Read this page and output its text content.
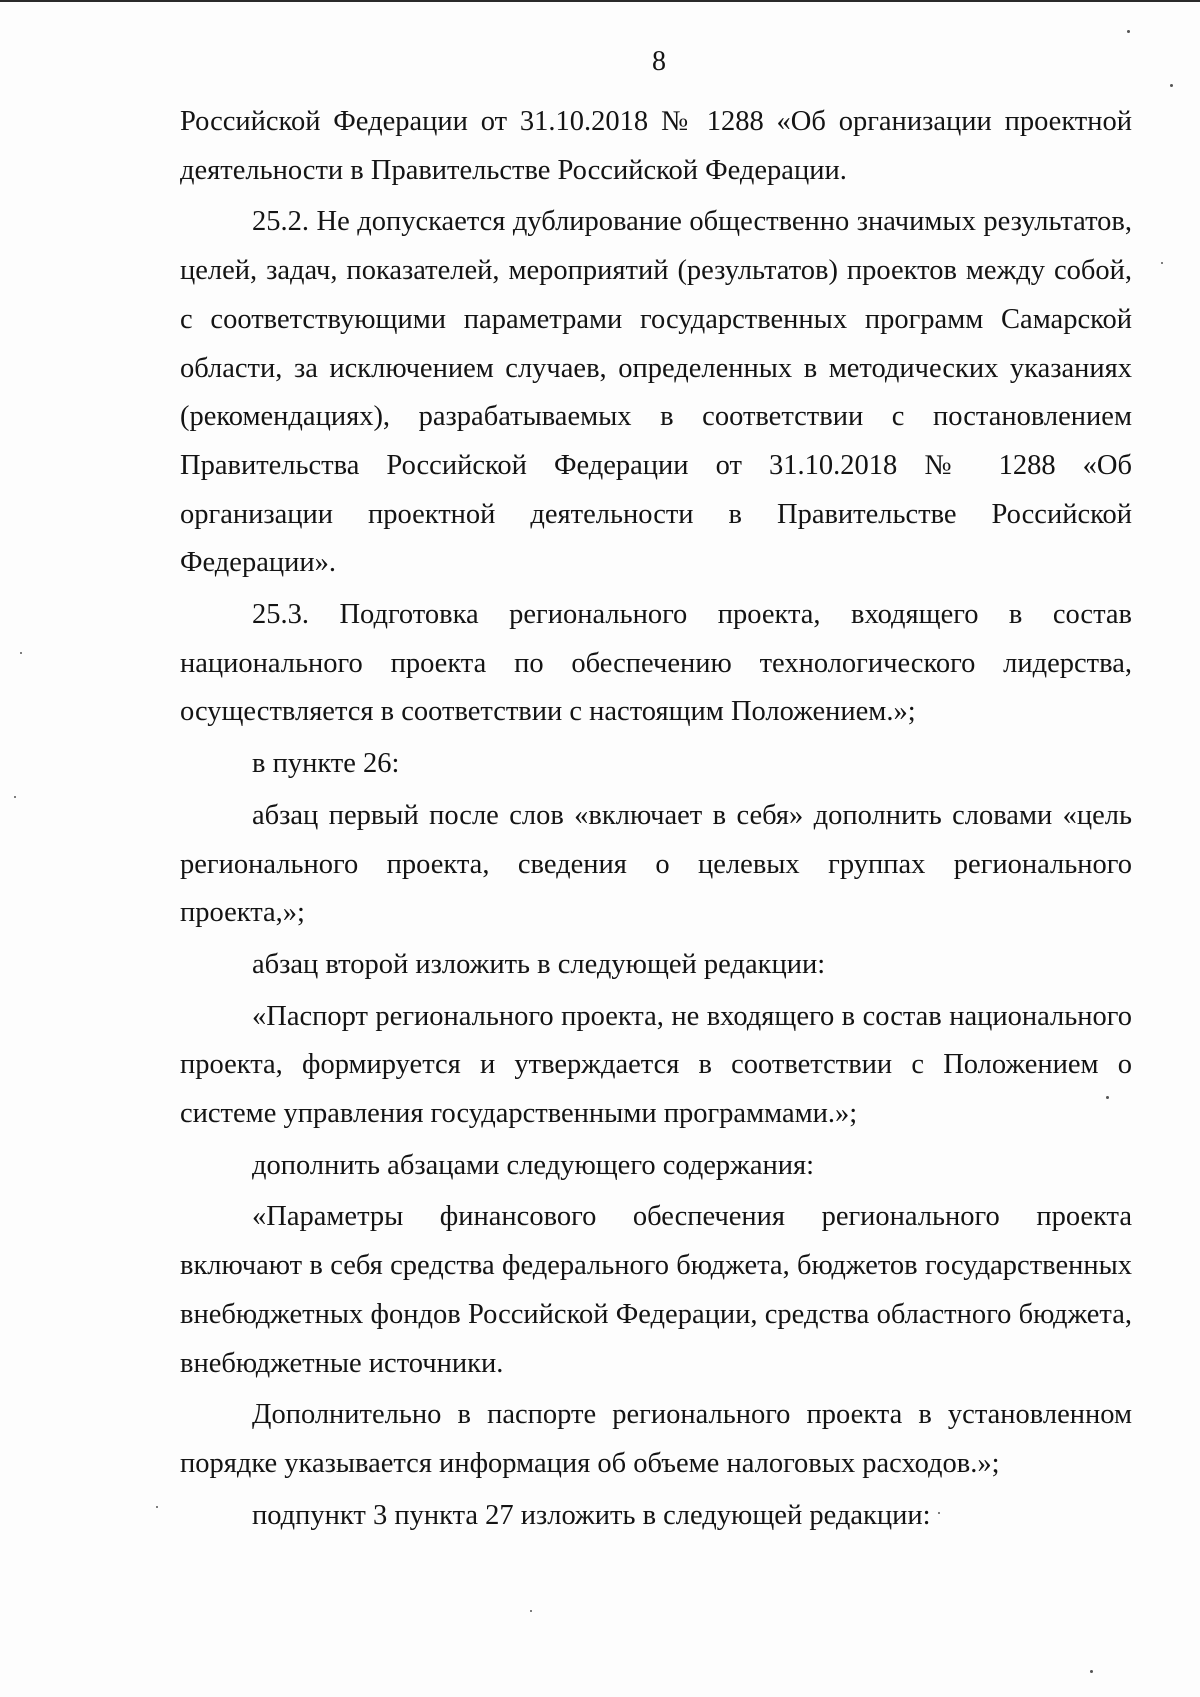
8

Российской Федерации от 31.10.2018 № 1288 «Об организации проектной деятельности в Правительстве Российской Федерации.

25.2. Не допускается дублирование общественно значимых результатов, целей, задач, показателей, мероприятий (результатов) проектов между собой, с соответствующими параметрами государственных программ Самарской области, за исключением случаев, определенных в методических указаниях (рекомендациях), разрабатываемых в соответствии с постановлением Правительства Российской Федерации от 31.10.2018 № 1288 «Об организации проектной деятельности в Правительстве Российской Федерации».

25.3. Подготовка регионального проекта, входящего в состав национального проекта по обеспечению технологического лидерства, осуществляется в соответствии с настоящим Положением.»;

в пункте 26:

абзац первый после слов «включает в себя» дополнить словами «цель регионального проекта, сведения о целевых группах регионального проекта,»;

абзац второй изложить в следующей редакции:

«Паспорт регионального проекта, не входящего в состав национального проекта, формируется и утверждается в соответствии с Положением о системе управления государственными программами.»;

дополнить абзацами следующего содержания:

«Параметры финансового обеспечения регионального проекта включают в себя средства федерального бюджета, бюджетов государственных внебюджетных фондов Российской Федерации, средства областного бюджета, внебюджетные источники.

Дополнительно в паспорте регионального проекта в установленном порядке указывается информация об объеме налоговых расходов.»;

подпункт 3 пункта 27 изложить в следующей редакции:
